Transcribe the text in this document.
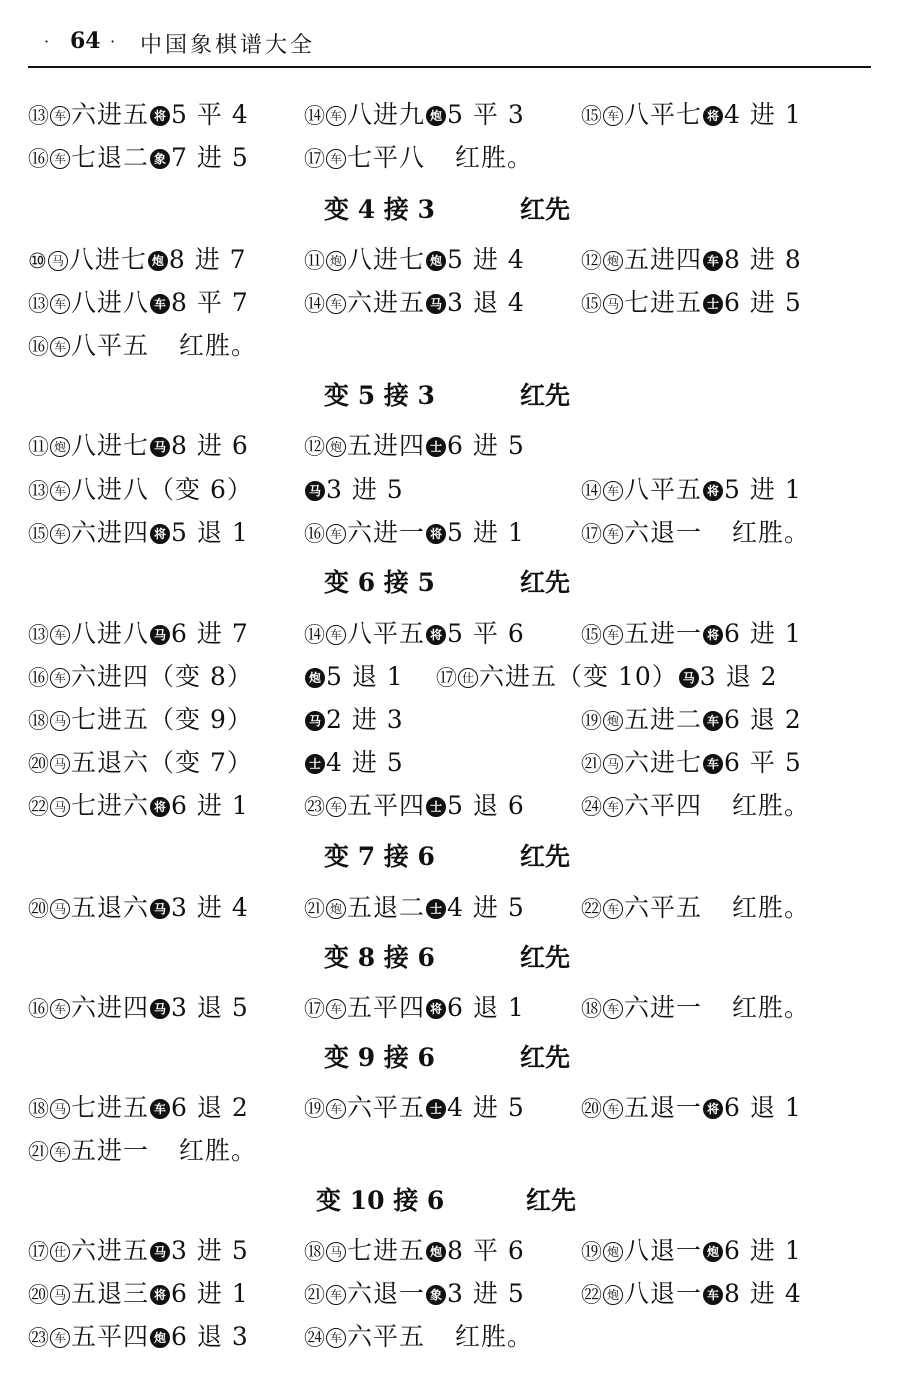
· 64 · 中国象棋谱大全
⑬ 车 六进五 将 5 平 4	⑭ 车 八进九 炮 5 平 3	⑮ 车 八平七 将 4 进 1
⑯ 车 七退二 象 7 进 5	⑰ 车 七平八 红胜。
变 4 接 3	红先
⑩ 马 八进七 炮 8 进 7	⑪ 炮 八进七 炮 5 进 4	⑫ 炮 五进四 车 8 进 8
⑬ 车 八进八 车 8 平 7	⑭ 车 六进五 马 3 退 4	⑮ 马 七进五 士 6 进 5
⑯ 车 八平五 红胜。
变 5 接 3	红先
⑪ 炮 八进七 马 8 进 6	⑫ 炮 五进四 士 6 进 5
⑬ 车 八进八（变 6）	马 3 进 5	⑭ 车 八平五 将 5 进 1
⑮ 车 六进四 将 5 退 1	⑯ 车 六进一 将 5 进 1	⑰ 车 六退一 红胜。
变 6 接 5	红先
⑬ 车 八进八 马 6 进 7	⑭ 车 八平五 将 5 平 6	⑮ 车 五进一 将 6 进 1
⑯ 车 六进四（变 8）	炮 5 退 1 ⑰ 仕 六进五（变 10） 马 3 退 2
⑱ 马 七进五（变 9）	马 2 进 3	⑲ 炮 五进二 车 6 退 2
⑳ 马 五退六（变 7）	士 4 进 5	㉑ 马 六进七 车 6 平 5
㉒ 马 七进六 将 6 进 1	㉓ 车 五平四 士 5 退 6	㉔ 车 六平四 红胜。
变 7 接 6	红先
⑳ 马 五退六 马 3 进 4	㉑ 炮 五退二 士 4 进 5	㉒ 车 六平五 红胜。
变 8 接 6	红先
⑯ 车 六进四 马 3 退 5	⑰ 车 五平四 将 6 退 1	⑱ 车 六进一 红胜。
变 9 接 6	红先
⑱ 马 七进五 车 6 退 2	⑲ 车 六平五 士 4 进 5	⑳ 车 五退一 将 6 退 1
㉑ 车 五进一 红胜。
变 10 接 6	红先
⑰ 仕 六进五 马 3 进 5	⑱ 马 七进五 炮 8 平 6	⑲ 炮 八退一 炮 6 进 1
⑳ 马 五退三 将 6 进 1	㉑ 车 六退一 象 3 进 5	㉒ 炮 八退一 车 8 进 4
㉓ 车 五平四 炮 6 退 3	㉔ 车 六平五 红胜。
